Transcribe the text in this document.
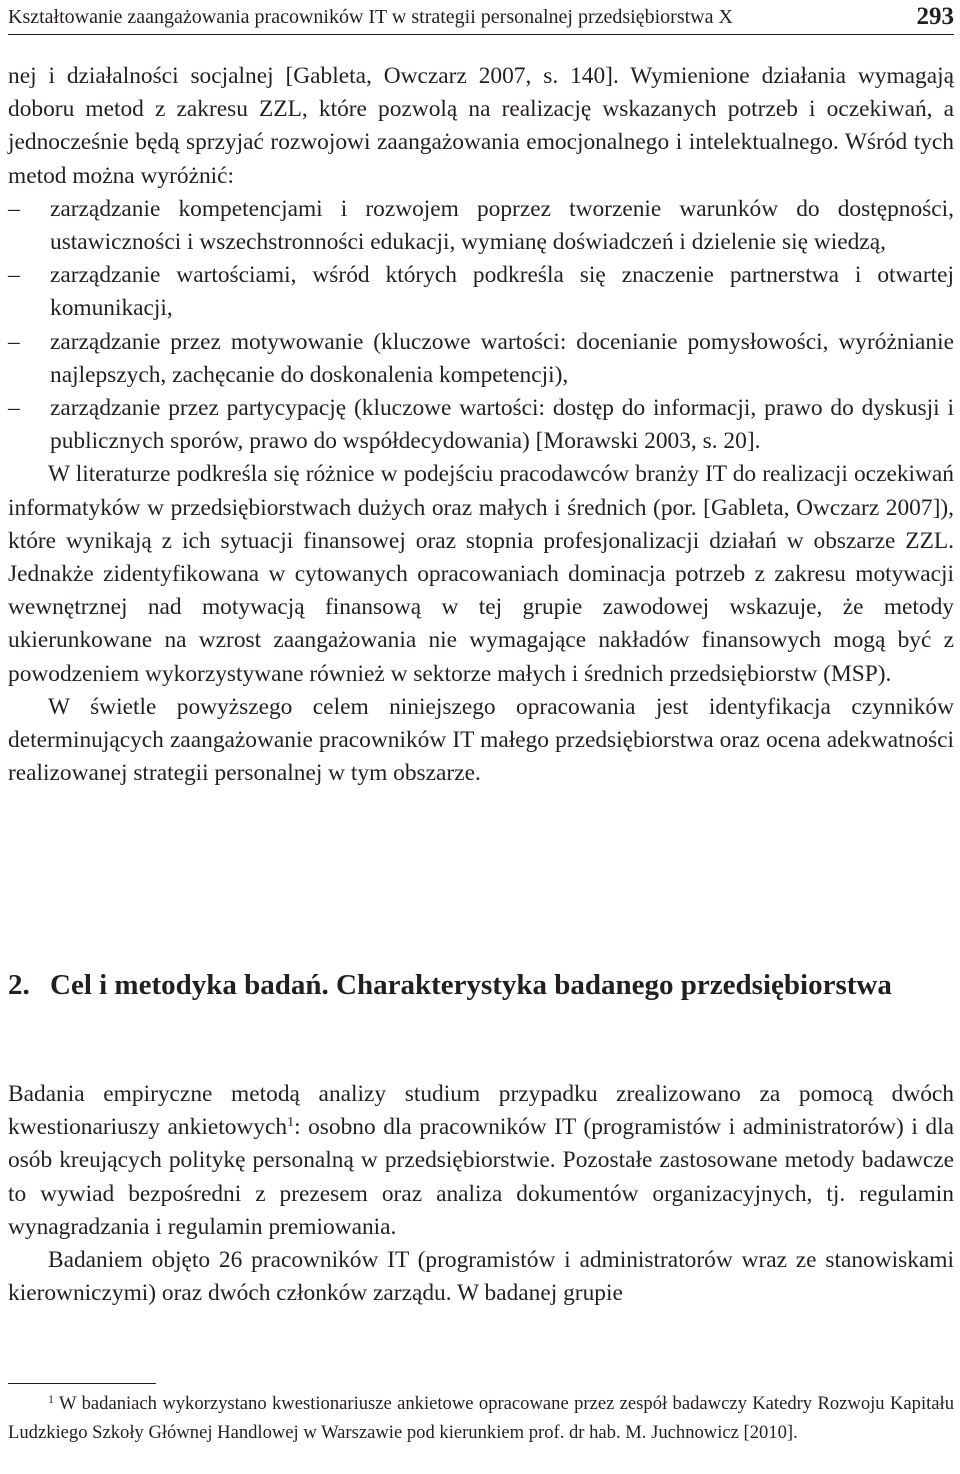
Kształtowanie zaangażowania pracowników IT w strategii personalnej przedsiębiorstwa X	293

nej i działalności socjalnej [Gableta, Owczarz 2007, s. 140]. Wymienione działania wymagają doboru metod z zakresu ZZL, które pozwolą na realizację wskazanych potrzeb i oczekiwań, a jednocześnie będą sprzyjać rozwojowi zaangażowania emocjonalnego i intelektualnego. Wśród tych metod można wyróżnić:

– zarządzanie kompetencjami i rozwojem poprzez tworzenie warunków do dostępności, ustawiczności i wszechstronności edukacji, wymianę doświadczeń i dzielenie się wiedzą,
– zarządzanie wartościami, wśród których podkreśla się znaczenie partnerstwa i otwartej komunikacji,
– zarządzanie przez motywowanie (kluczowe wartości: docenianie pomysłowości, wyróżnianie najlepszych, zachęcanie do doskonalenia kompetencji),
– zarządzanie przez partycypację (kluczowe wartości: dostęp do informacji, prawo do dyskusji i publicznych sporów, prawo do współdecydowania) [Morawski 2003, s. 20].

W literaturze podkreśla się różnice w podejściu pracodawców branży IT do realizacji oczekiwań informatyków w przedsiębiorstwach dużych oraz małych i średnich (por. [Gableta, Owczarz 2007]), które wynikają z ich sytuacji finansowej oraz stopnia profesjonalizacji działań w obszarze ZZL. Jednakże zidentyfikowana w cytowanych opracowaniach dominacja potrzeb z zakresu motywacji wewnętrznej nad motywacją finansową w tej grupie zawodowej wskazuje, że metody ukierunkowane na wzrost zaangażowania nie wymagające nakładów finansowych mogą być z powodzeniem wykorzystywane również w sektorze małych i średnich przedsiębiorstw (MSP).

W świetle powyższego celem niniejszego opracowania jest identyfikacja czynników determinujących zaangażowanie pracowników IT małego przedsiębiorstwa oraz ocena adekwatności realizowanej strategii personalnej w tym obszarze.

2. Cel i metodyka badań. Charakterystyka badanego przedsiębiorstwa

Badania empiryczne metodą analizy studium przypadku zrealizowano za pomocą dwóch kwestionariuszy ankietowych$^1$: osobno dla pracowników IT (programistów i administratorów) i dla osób kreujących politykę personalną w przedsiębiorstwie. Pozostałe zastosowane metody badawcze to wywiad bezpośredni z prezesem oraz analiza dokumentów organizacyjnych, tj. regulamin wynagradzania i regulamin premiowania.

Badaniem objęto 26 pracowników IT (programistów i administratorów wraz ze stanowiskami kierowniczymi) oraz dwóch członków zarządu. W badanej grupie

$^1$ W badaniach wykorzystano kwestionariusze ankietowe opracowane przez zespół badawczy Katedry Rozwoju Kapitału Ludzkiego Szkoły Głównej Handlowej w Warszawie pod kierunkiem prof. dr hab. M. Juchnowicz [2010].
